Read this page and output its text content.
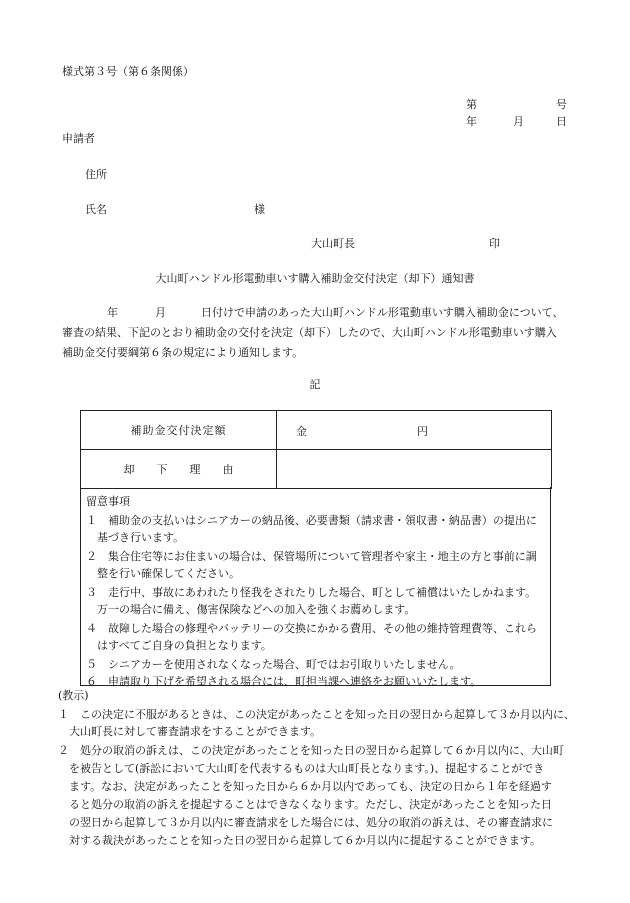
様式第３号（第６条関係）
第	号
年	月	日
申請者
住所
氏名	様
大山町長	印
大山町ハンドル形電動車いす購入補助金交付決定（却下）通知書

年	月	日付けで申請のあった大山町ハンドル形電動車いす購入補助金について、

審査の結果、下記のとおり補助金の交付を決定（却下）したので、大山町ハンドル形電動車いす購入

補助金交付要綱第６条の規定により通知します。

記
補助金交付決定額	金 円

却　　下　　理　　由	
留意事項
１　補助金の支払いはシニアカーの納品後、必要書類（請求書・領収書・納品書）の提出に
　基づき行います。
２　集合住宅等にお住まいの場合は、保管場所について管理者や家主・地主の方と事前に調
　整を行い確保してください。
３　走行中、事故にあわれたり怪我をされたりした場合、町として補償はいたしかねます。
　万一の場合に備え、傷害保険などへの加入を強くお薦めします。
４　故障した場合の修理やバッテリーの交換にかかる費用、その他の維持管理費等、これら
　はすべてご自身の負担となります。
５　シニアカーを使用されなくなった場合、町ではお引取りいたしません。
６　申請取り下げを希望される場合には、町担当課へ連絡をお願いいたします。
(教示)
１　この決定に不服があるときは、この決定があったことを知った日の翌日から起算して３か月以内に、
　大山町長に対して審査請求をすることができます。
２　処分の取消の訴えは、この決定があったことを知った日の翌日から起算して６か月以内に、大山町
　を被告として(訴訟において大山町を代表するものは大山町長となります。)、提起することができ
　ます。なお、決定があったことを知った日から６か月以内であっても、決定の日から１年を経過す
　ると処分の取消の訴えを提起することはできなくなります。ただし、決定があったことを知った日
　の翌日から起算して３か月以内に審査請求をした場合には、処分の取消の訴えは、その審査請求に
　対する裁決があったことを知った日の翌日から起算して６か月以内に提起することができます。
